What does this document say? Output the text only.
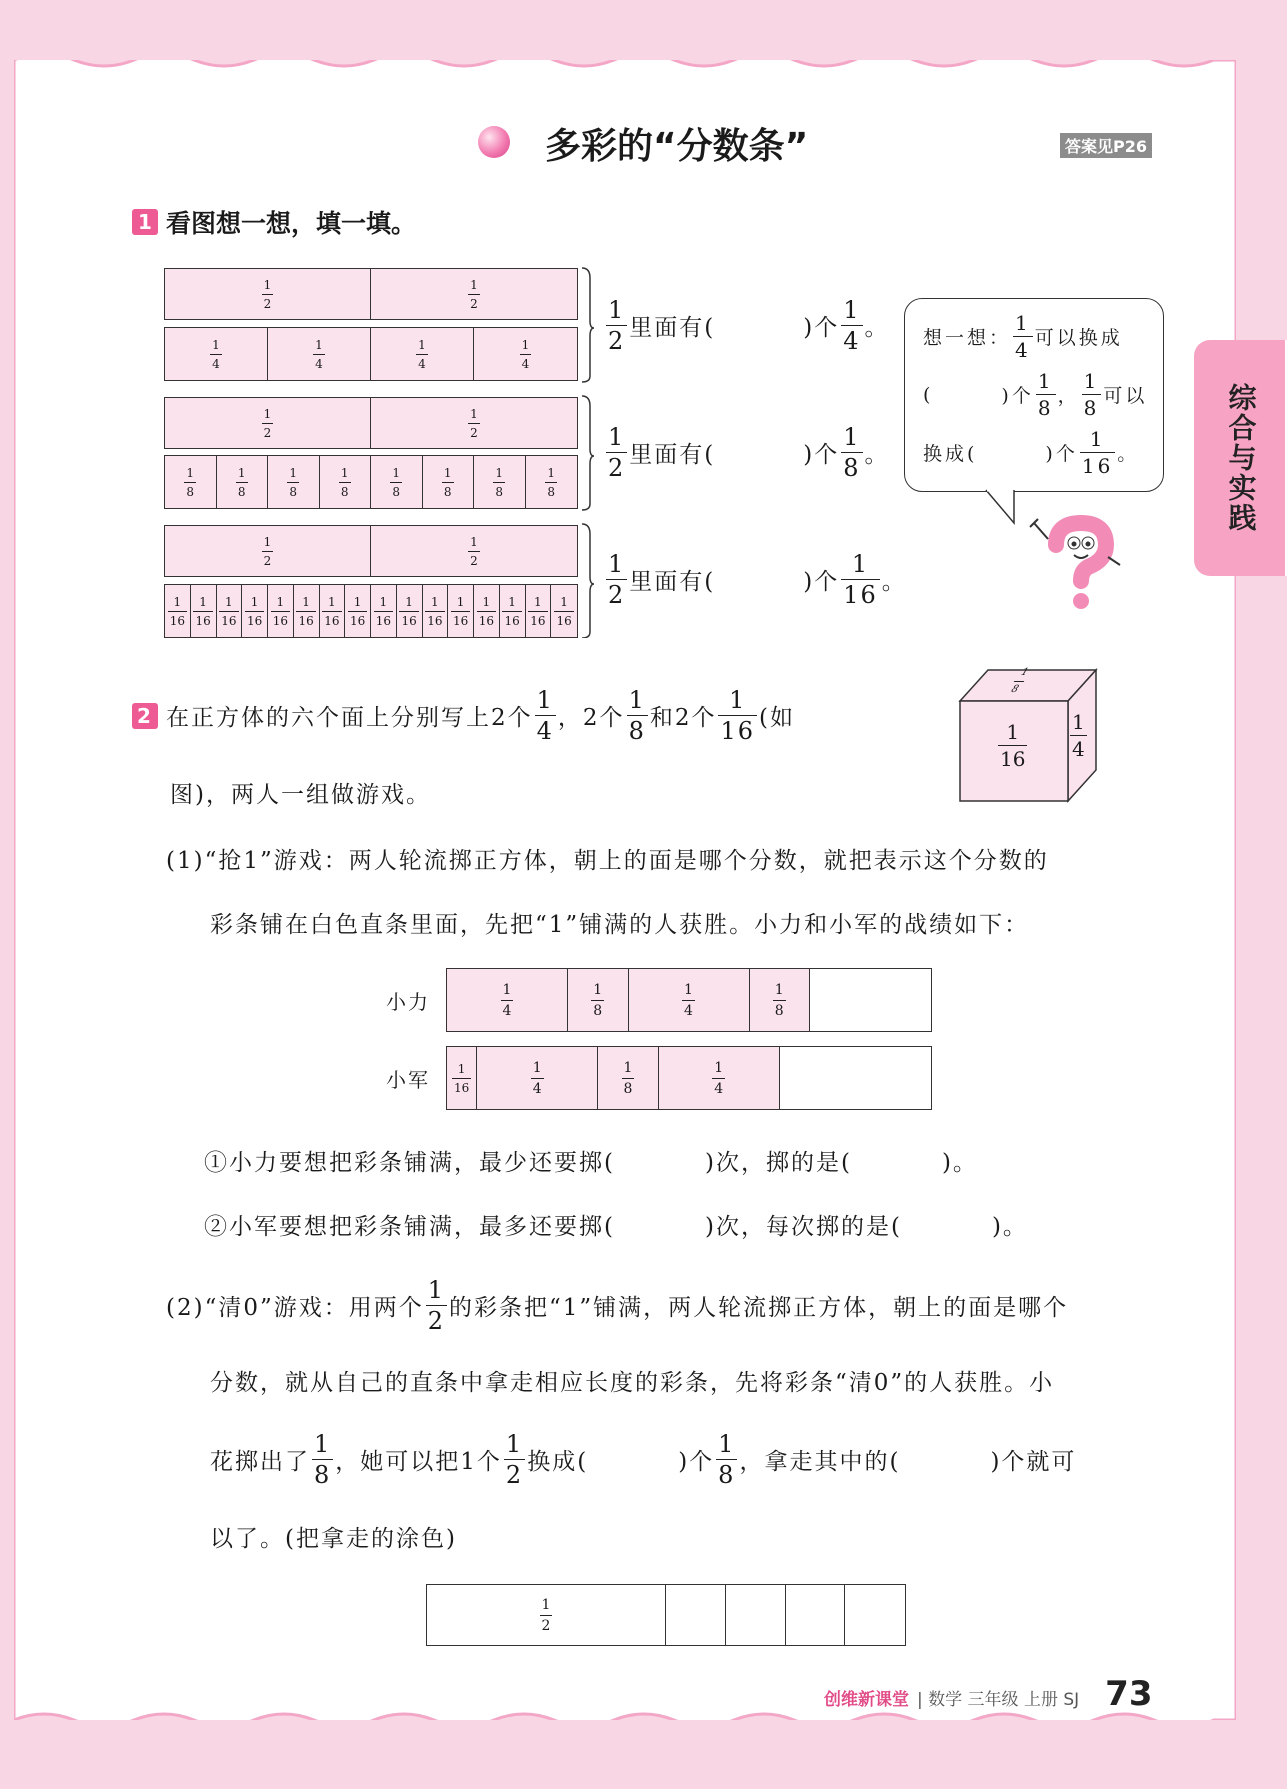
综合与实践
多彩的“分数条”	答案见P26
1 看图想一想，填一填。
$\frac{1}{2}$	$\frac{1}{2}$
$\frac{1}{4}$	$\frac{1}{4}$	$\frac{1}{4}$	$\frac{1}{4}$
$\frac{1}{2}$	$\frac{1}{2}$
$\frac{1}{8}$	$\frac{1}{8}$	$\frac{1}{8}$	$\frac{1}{8}$	$\frac{1}{8}$	$\frac{1}{8}$	$\frac{1}{8}$	$\frac{1}{8}$
$\frac{1}{2}$	$\frac{1}{2}$
$\frac{1}{16} \frac{1}{16} \frac{1}{16} \frac{1}{16} \frac{1}{16} \frac{1}{16} \frac{1}{16} \frac{1}{16} \frac{1}{16} \frac{1}{16} \frac{1}{16} \frac{1}{16} \frac{1}{16} \frac{1}{16} \frac{1}{16} \frac{1}{16}$
$\frac{1}{2}$ 里面有(	)个 $\frac{1}{4}$ 。
$\frac{1}{2}$ 里面有(	)个 $\frac{1}{8}$ 。
$\frac{1}{2}$ 里面有(	)个 $\frac{1}{16}$ 。
想一想： $\frac{1}{4}$ 可以换成
(	)个 $\frac{1}{8}$ ， $\frac{1}{8}$ 可以
换成(	)个 $\frac{1}{16}$ 。
2 在正方体的六个面上分别写上2个 $\frac{1}{4}$ ，2个 $\frac{1}{8}$ 和2个 $\frac{1}{16}$ (如
图)，两人一组做游戏。
$\frac{1}{8}$
$\frac{1}{16} \frac{1}{4}$
(1)“抢1”游戏：两人轮流掷正方体，朝上的面是哪个分数，就把表示这个分数的
彩条铺在白色直条里面，先把“1”铺满的人获胜。小力和小军的战绩如下：
小力	$\frac{1}{4}$	$\frac{1}{8}$	$\frac{1}{4}$	$\frac{1}{8}$
小军 $\frac{1}{16}$	$\frac{1}{4}$	$\frac{1}{8}$	$\frac{1}{4}$
①小力要想把彩条铺满，最少还要掷(	)次，掷的是(	)。
②小军要想把彩条铺满，最多还要掷(	)次，每次掷的是(	)。
(2)“清0”游戏：用两个 $\frac{1}{2}$ 的彩条把“1”铺满，两人轮流掷正方体，朝上的面是哪个
分数，就从自己的直条中拿走相应长度的彩条，先将彩条“清0”的人获胜。小
花掷出了 $\frac{1}{8}$ ，她可以把1个 $\frac{1}{2}$ 换成(	)个 $\frac{1}{8}$ ，拿走其中的(	)个就可
以了。(把拿走的涂色)
$\frac{1}{2}$
创维新课堂 | 数学 三年级 上册 SJ 73
